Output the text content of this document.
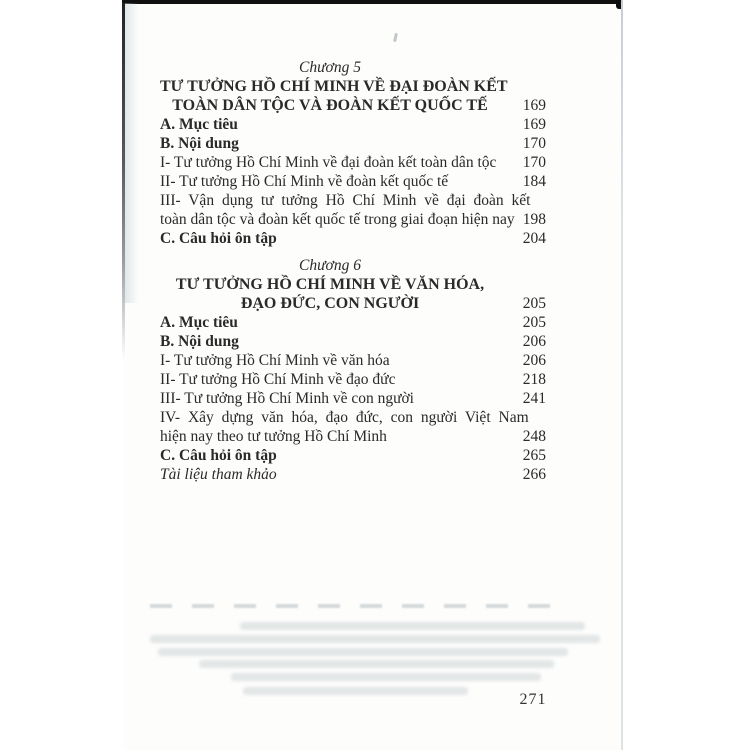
Chương 5
TƯ TƯỞNG HỒ CHÍ MINH VỀ ĐẠI ĐOÀN KẾT
TOÀN DÂN TỘC VÀ ĐOÀN KẾT QUỐC TẾ	169
A. Mục tiêu	169
B. Nội dung	170
I- Tư tưởng Hồ Chí Minh về đại đoàn kết toàn dân tộc	170
II- Tư tưởng Hồ Chí Minh về đoàn kết quốc tế	184
III- Vận dụng tư tưởng Hồ Chí Minh về đại đoàn kết
toàn dân tộc và đoàn kết quốc tế trong giai đoạn hiện nay 198
C. Câu hỏi ôn tập	204
Chương 6
TƯ TƯỞNG HỒ CHÍ MINH VỀ VĂN HÓA,
ĐẠO ĐỨC, CON NGƯỜI	205
A. Mục tiêu	205
B. Nội dung	206
I- Tư tưởng Hồ Chí Minh về văn hóa	206
II- Tư tưởng Hồ Chí Minh về đạo đức	218
III- Tư tưởng Hồ Chí Minh về con người	241
IV- Xây dựng văn hóa, đạo đức, con người Việt Nam
hiện nay theo tư tưởng Hồ Chí Minh	248
C. Câu hỏi ôn tập	265
Tài liệu tham khảo	266
271
